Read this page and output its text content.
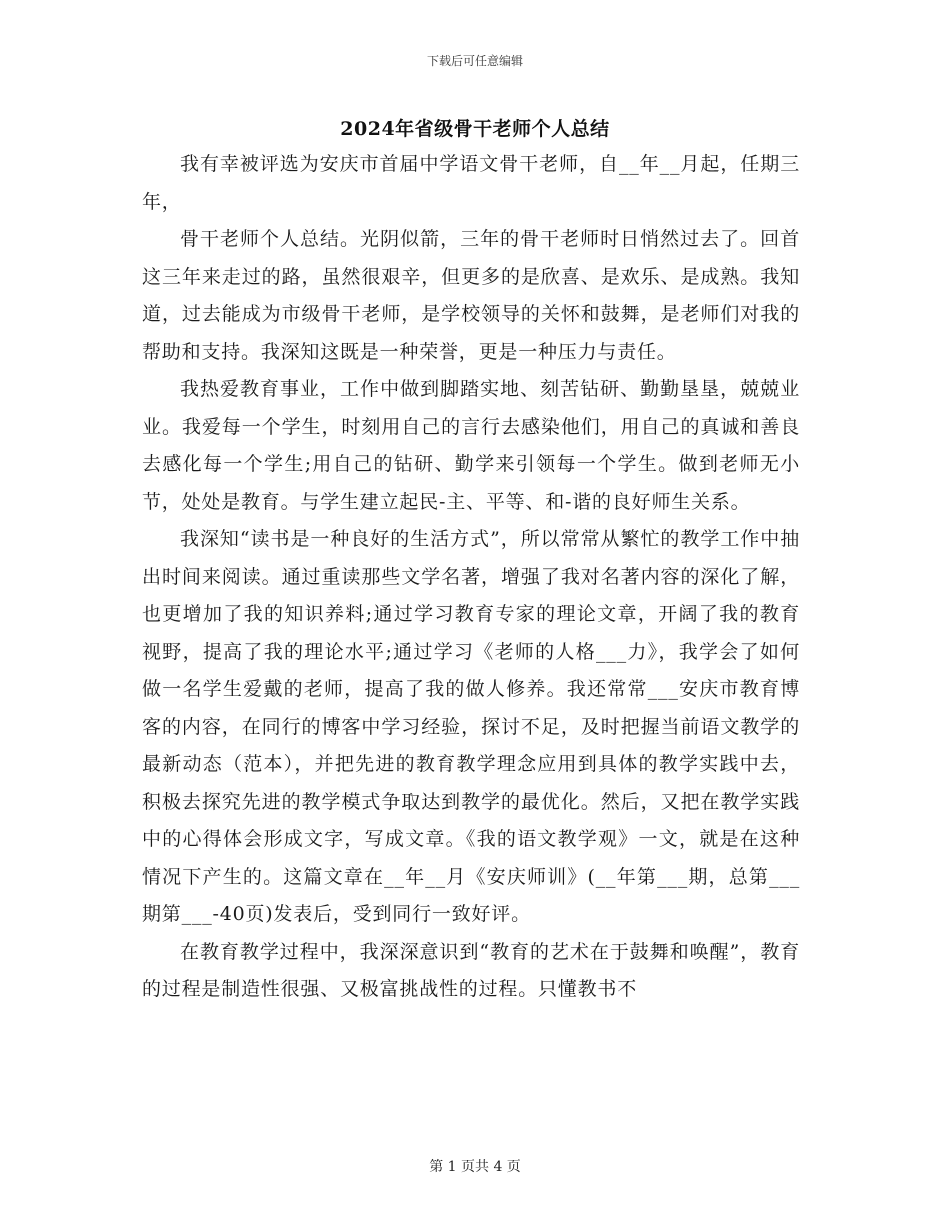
下载后可任意编辑
2024年省级骨干老师个人总结

我有幸被评选为安庆市首届中学语文骨干老师，自__年__月起，任期三年，

骨干老师个人总结。光阴似箭，三年的骨干老师时日悄然过去了。回首这三年来走过的路，虽然很艰辛，但更多的是欣喜、是欢乐、是成熟。我知道，过去能成为市级骨干老师，是学校领导的关怀和鼓舞，是老师们对我的帮助和支持。我深知这既是一种荣誉，更是一种压力与责任。

我热爱教育事业，工作中做到脚踏实地、刻苦钻研、勤勤垦垦，兢兢业业。我爱每一个学生，时刻用自己的言行去感染他们，用自己的真诚和善良去感化每一个学生;用自己的钻研、勤学来引领每一个学生。做到老师无小节，处处是教育。与学生建立起民-主、平等、和-谐的良好师生关系。

我深知“读书是一种良好的生活方式”，所以常常从繁忙的教学工作中抽出时间来阅读。通过重读那些文学名著，增强了我对名著内容的深化了解，也更增加了我的知识养料;通过学习教育专家的理论文章，开阔了我的教育视野，提高了我的理论水平;通过学习《老师的人格___力》，我学会了如何做一名学生爱戴的老师，提高了我的做人修养。我还常常___安庆市教育博客的内容，在同行的博客中学习经验，探讨不足，及时把握当前语文教学的最新动态（范本），并把先进的教育教学理念应用到具体的教学实践中去，积极去探究先进的教学模式争取达到教学的最优化。然后，又把在教学实践中的心得体会形成文字，写成文章。《我的语文教学观》一文，就是在这种情况下产生的。这篇文章在__年__月《安庆师训》(__年第___期，总第___期第___-40页)发表后，受到同行一致好评。

在教育教学过程中，我深深意识到“教育的艺术在于鼓舞和唤醒”，教育的过程是制造性很强、又极富挑战性的过程。只懂教书不

第 1 页共 4 页
